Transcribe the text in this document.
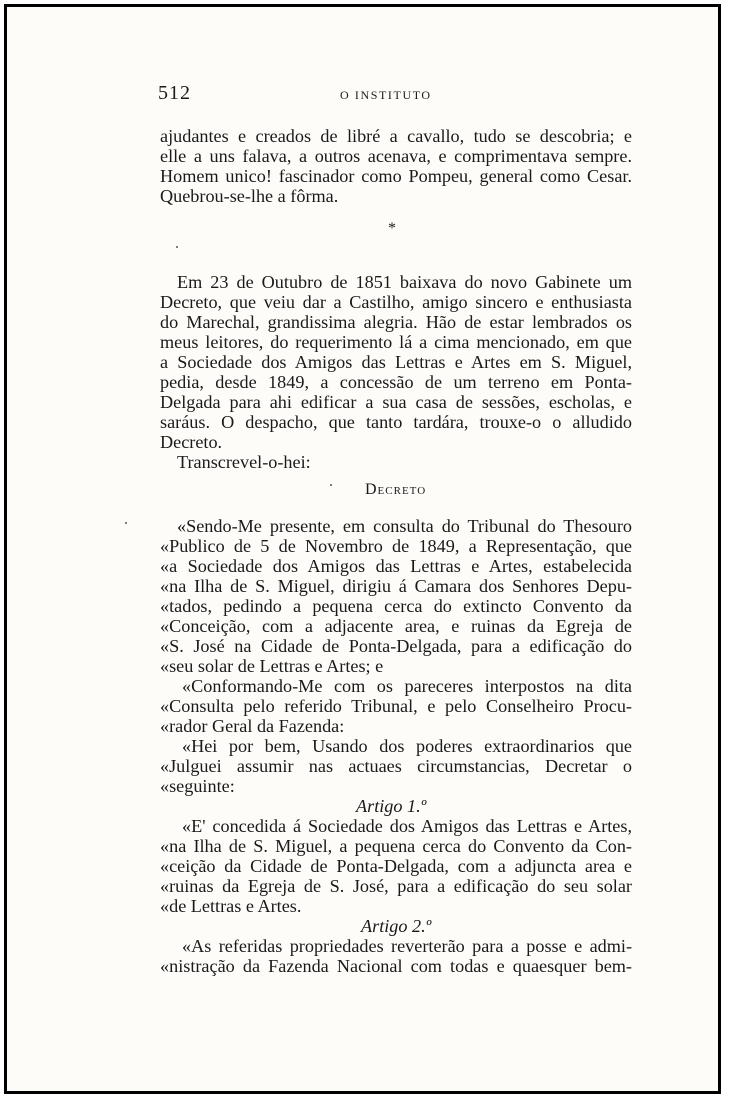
512	O INSTITUTO
ajudantes e creados de libré a cavallo, tudo se descobria; e
elle a uns falava, a outros acenava, e comprimentava sempre.
Homem unico! fascinador como Pompeu, general como Cesar.
Quebrou-se-lhe a fôrma.
*
Em 23 de Outubro de 1851 baixava do novo Gabinete um
Decreto, que veiu dar a Castilho, amigo sincero e enthusiasta
do Marechal, grandissima alegria. Hão de estar lembrados os
meus leitores, do requerimento lá a cima mencionado, em que
a Sociedade dos Amigos das Lettras e Artes em S. Miguel,
pedia, desde 1849, a concessão de um terreno em Ponta-
Delgada para ahi edificar a sua casa de sessões, escholas, e
saráus. O despacho, que tanto tardára, trouxe-o o alludido
Decreto.
Transcrevel-o-hei:
Decreto
«Sendo-Me presente, em consulta do Tribunal do Thesouro
«Publico de 5 de Novembro de 1849, a Representação, que
«a Sociedade dos Amigos das Lettras e Artes, estabelecida
«na Ilha de S. Miguel, dirigiu á Camara dos Senhores Depu-
«tados, pedindo a pequena cerca do extincto Convento da
«Conceição, com a adjacente area, e ruinas da Egreja de
«S. José na Cidade de Ponta-Delgada, para a edificação do
«seu solar de Lettras e Artes; e
«Conformando-Me com os pareceres interpostos na dita
«Consulta pelo referido Tribunal, e pelo Conselheiro Procu-
«rador Geral da Fazenda:
«Hei por bem, Usando dos poderes extraordinarios que
«Julguei assumir nas actuaes circumstancias, Decretar o
«seguinte:
Artigo 1.º
«E' concedida á Sociedade dos Amigos das Lettras e Artes,
«na Ilha de S. Miguel, a pequena cerca do Convento da Con-
«ceição da Cidade de Ponta-Delgada, com a adjuncta area e
«ruinas da Egreja de S. José, para a edificação do seu solar
«de Lettras e Artes.
Artigo 2.º
«As referidas propriedades reverterão para a posse e admi-
«nistração da Fazenda Nacional com todas e quaesquer bem-
